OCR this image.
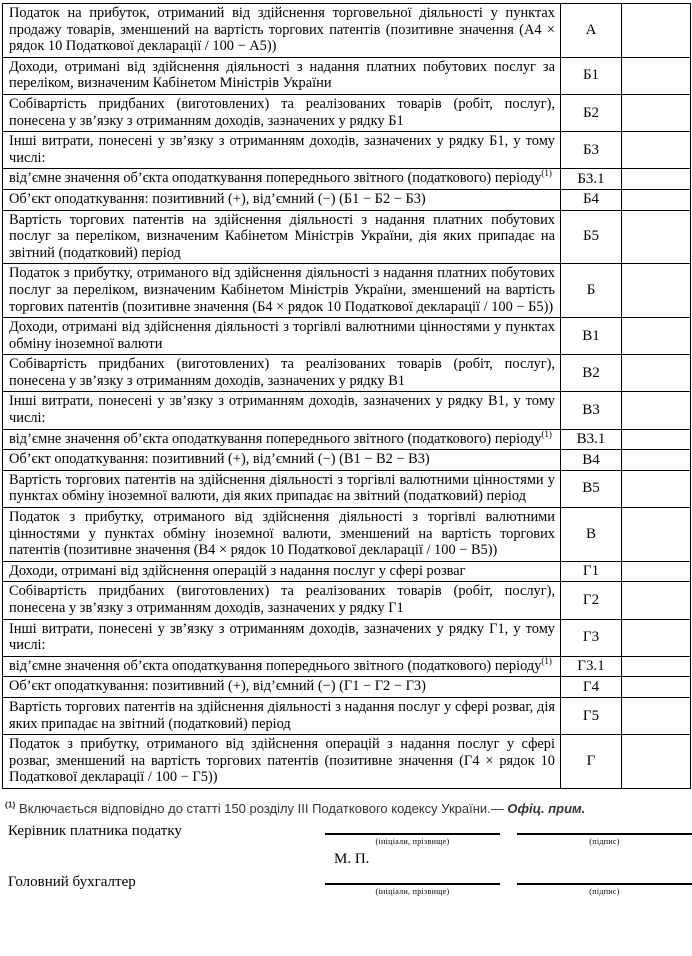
Податок на прибуток, отриманий від здійснення торговельної діяльності у пунктах продажу товарів, зменшений на вартість торгових патентів (позитивне значення (А4 × рядок 10 Податкової декларації / 100 − А5))	А	
Доходи, отримані від здійснення діяльності з надання платних побутових послуг за переліком, визначеним Кабінетом Міністрів України	Б1	
Собівартість придбаних (виготовлених) та реалізованих товарів (робіт, послуг), понесена у зв’язку з отриманням доходів, зазначених у рядку Б1	Б2	
Інші витрати, понесені у зв’язку з отриманням доходів, зазначених у рядку Б1, у тому числі:	Б3	
від’ємне значення об’єкта оподаткування попереднього звітного (податкового) періоду$^{(1)}$	Б3.1	
Об’єкт оподаткування: позитивний (+), від’ємний (−) (Б1 − Б2 − Б3)	Б4	
Вартість торгових патентів на здійснення діяльності з надання платних побутових послуг за переліком, визначеним Кабінетом Міністрів України, дія яких припадає на звітний (податковий) період	Б5	
Податок з прибутку, отриманого від здійснення діяльності з надання платних побутових послуг за переліком, визначеним Кабінетом Міністрів України, зменшений на вартість торгових патентів (позитивне значення (Б4 × рядок 10 Податкової декларації / 100 − Б5))	Б	
Доходи, отримані від здійснення діяльності з торгівлі валютними цінностями у пунктах обміну іноземної валюти	В1	
Собівартість придбаних (виготовлених) та реалізованих товарів (робіт, послуг), понесена у зв’язку з отриманням доходів, зазначених у рядку В1	В2	
Інші витрати, понесені у зв’язку з отриманням доходів, зазначених у рядку В1, у тому числі:	В3	
від’ємне значення об’єкта оподаткування попереднього звітного (податкового) періоду$^{(1)}$	В3.1	
Об’єкт оподаткування: позитивний (+), від’ємний (−) (В1 − В2 − В3)	В4	
Вартість торгових патентів на здійснення діяльності з торгівлі валютними цінностями у пунктах обміну іноземної валюти, дія яких припадає на звітний (податковий) період	В5	
Податок з прибутку, отриманого від здійснення діяльності з торгівлі валютними цінностями у пунктах обміну іноземної валюти, зменшений на вартість торгових патентів (позитивне значення (В4 × рядок 10 Податкової декларації / 100 − В5))	В	
Доходи, отримані від здійснення операцій з надання послуг у сфері розваг	Г1	
Собівартість придбаних (виготовлених) та реалізованих товарів (робіт, послуг), понесена у зв’язку з отриманням доходів, зазначених у рядку Г1	Г2	
Інші витрати, понесені у зв’язку з отриманням доходів, зазначених у рядку Г1, у тому числі:	Г3	
від’ємне значення об’єкта оподаткування попереднього звітного (податкового) періоду$^{(1)}$	Г3.1	
Об’єкт оподаткування: позитивний (+), від’ємний (−) (Г1 − Г2 − Г3)	Г4	
Вартість торгових патентів на здійснення діяльності з надання послуг у сфері розваг, дія яких припадає на звітний (податковий) період	Г5	
Податок з прибутку, отриманого від здійснення операцій з надання послуг у сфері розваг, зменшений на вартість торгових патентів (позитивне значення (Г4 × рядок 10 Податкової декларації / 100 − Г5))	Г	
$^{(1)}$ Включається відповідно до статті 150 розділу III Податкового кодексу України.— Офіц. прим.
Керівник платника податку
(ініціали, прізвище)	(підпис)
М. П.
Головний бухгалтер
(ініціали, прізвище)	(підпис)
